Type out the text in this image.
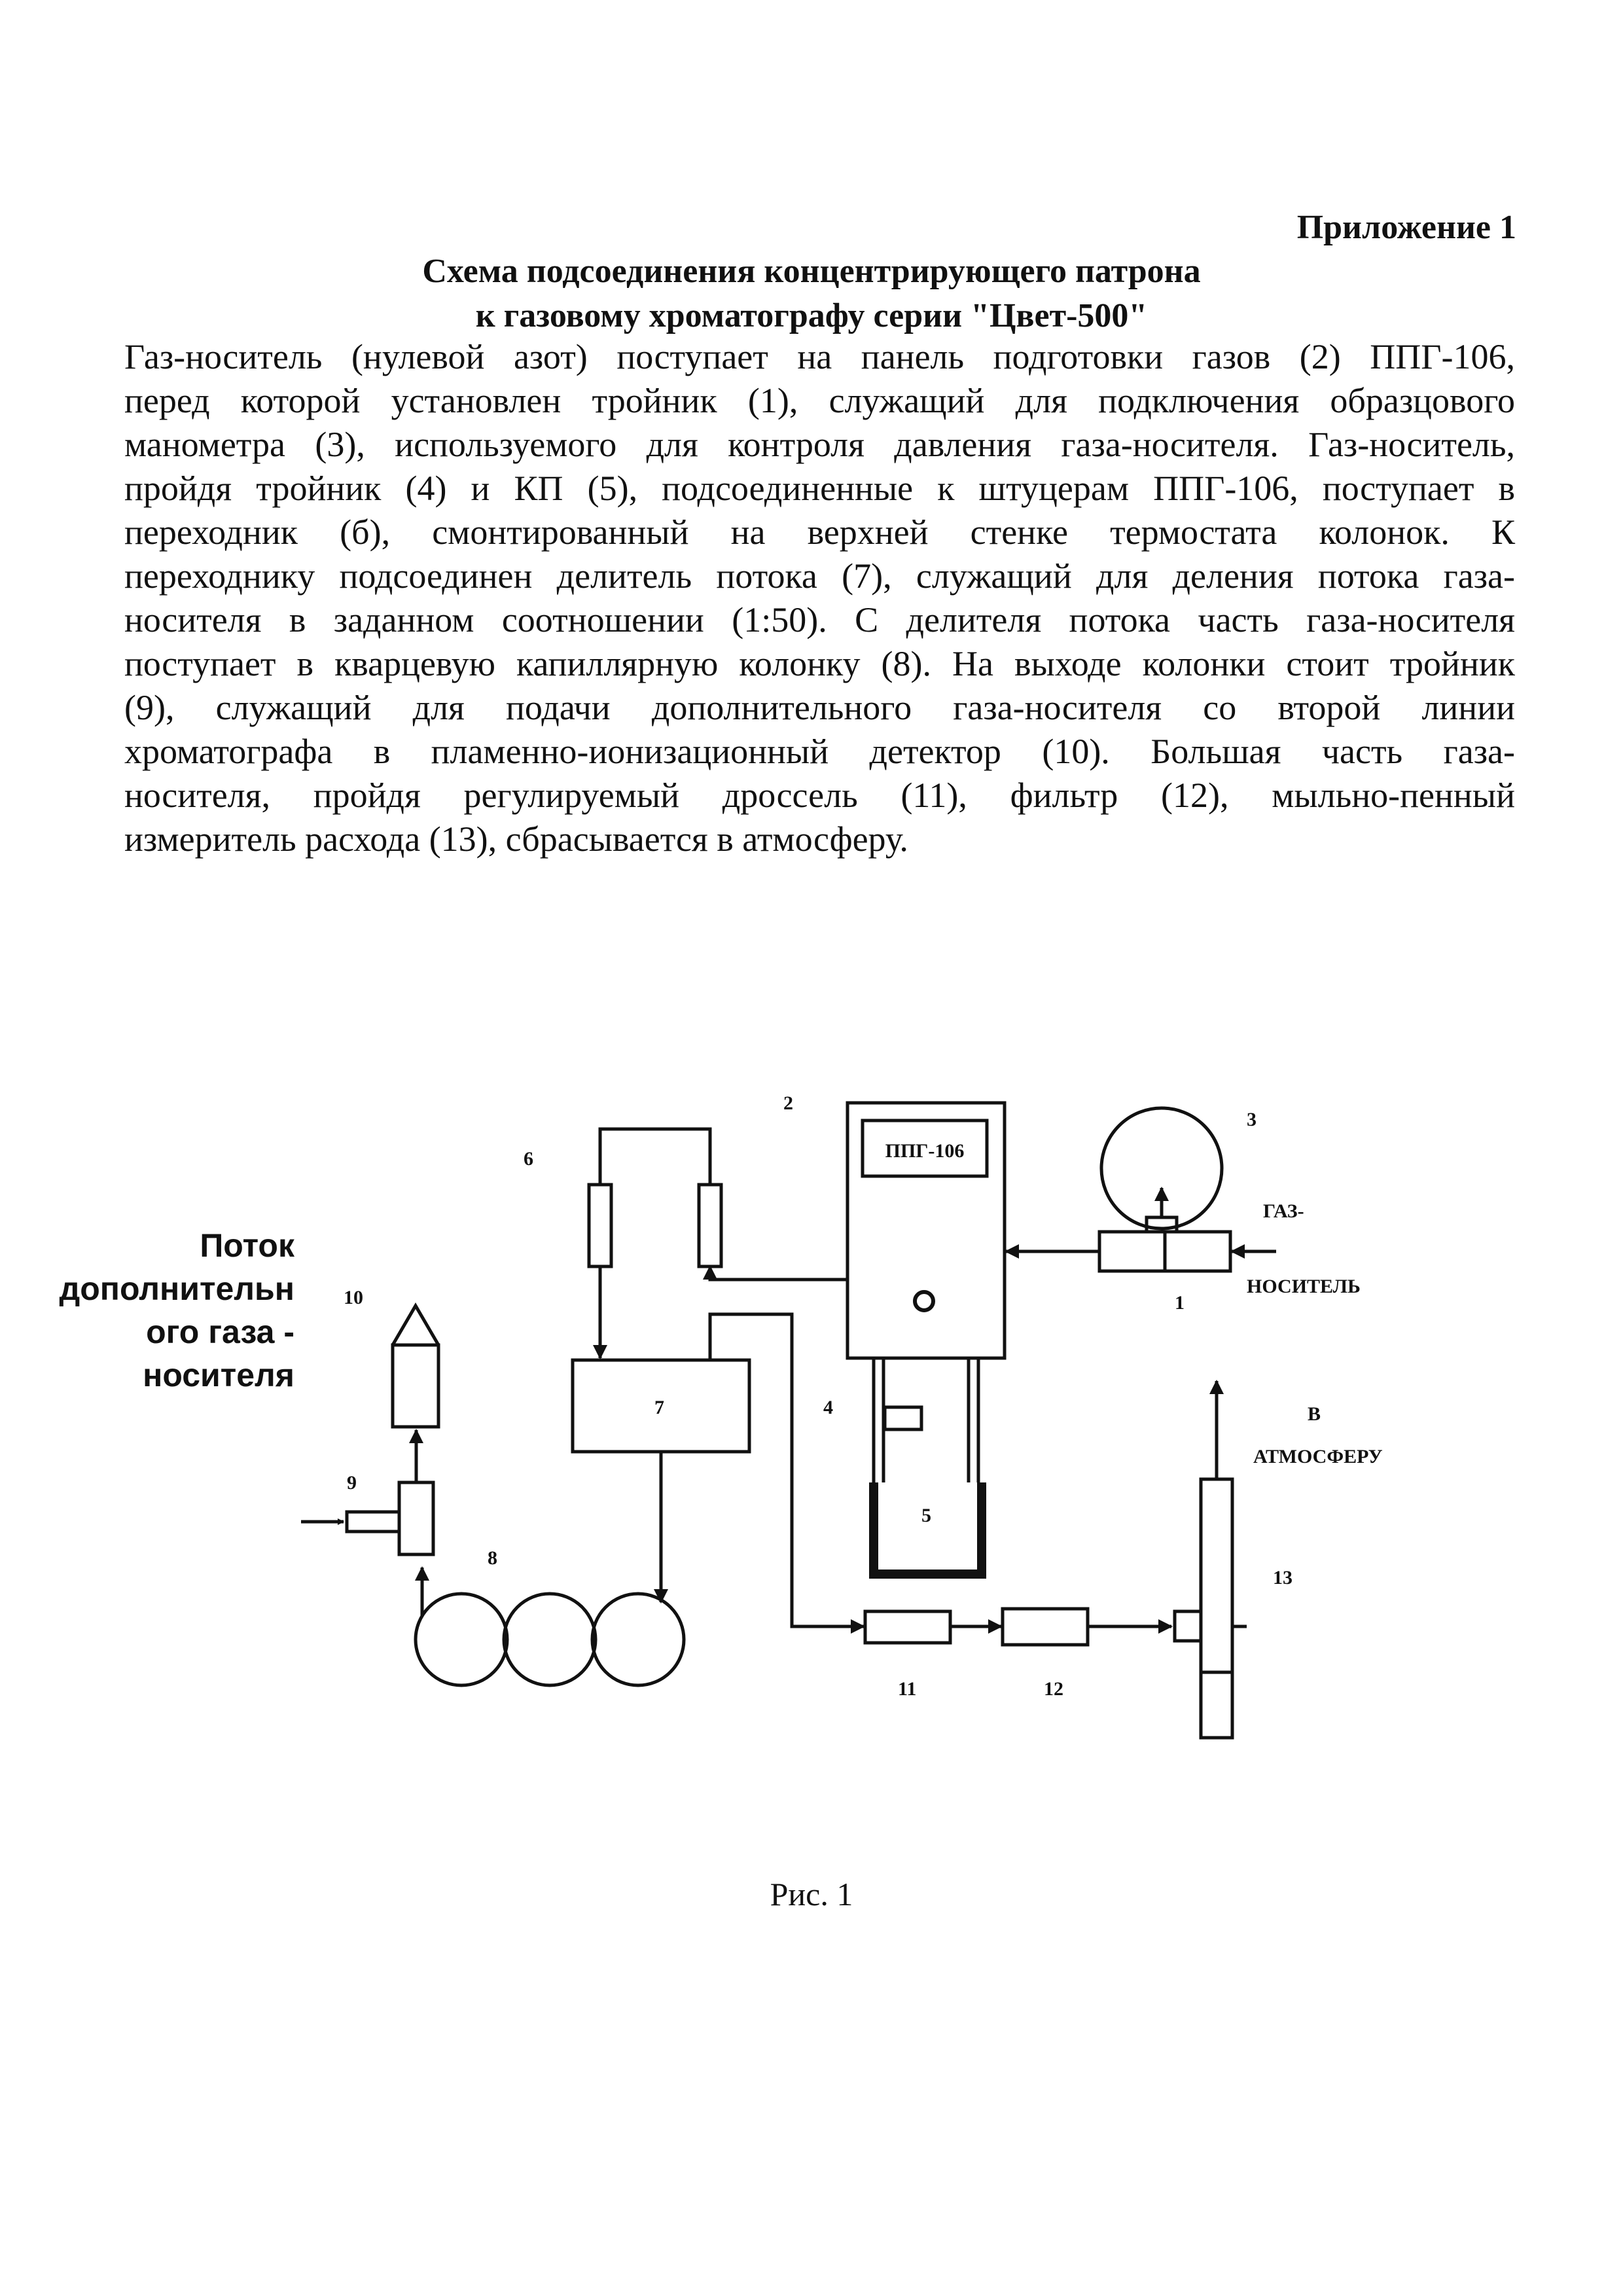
Приложение 1
Схема подсоединения концентрирующего патрона
к газовому хроматографу серии "Цвет-500"

Газ-носитель (нулевой азот) поступает на панель подготовки газов (2) ППГ-106,

перед которой установлен тройник (1), служащий для подключения образцового

манометра (3), используемого для контроля давления газа-носителя. Газ-носитель,

пройдя тройник (4) и КП (5), подсоединенные к штуцерам ППГ-106, поступает в

переходник (б), смонтированный на верхней стенке термостата колонок. К

переходнику подсоединен делитель потока (7), служащий для деления потока газа-

носителя в заданном соотношении (1:50). С делителя потока часть газа-носителя

поступает в кварцевую капиллярную колонку (8). На выходе колонки стоит тройник

(9), служащий для подачи дополнительного газа-носителя со второй линии

хроматографа в пламенно-ионизационный детектор (10). Большая часть газа-

носителя, пройдя регулируемый дроссель (11), фильтр (12), мыльно-пенный

измеритель расхода (13), сбрасывается в атмосферу.

Поток
дополнительн
ого газа -
носителя
ППГ-106
1
2
3
4
5
6
7
8
9
10
11	12
13
ГАЗ-
НОСИТЕЛЬ
В
АТМОСФЕРУ
Рис. 1
